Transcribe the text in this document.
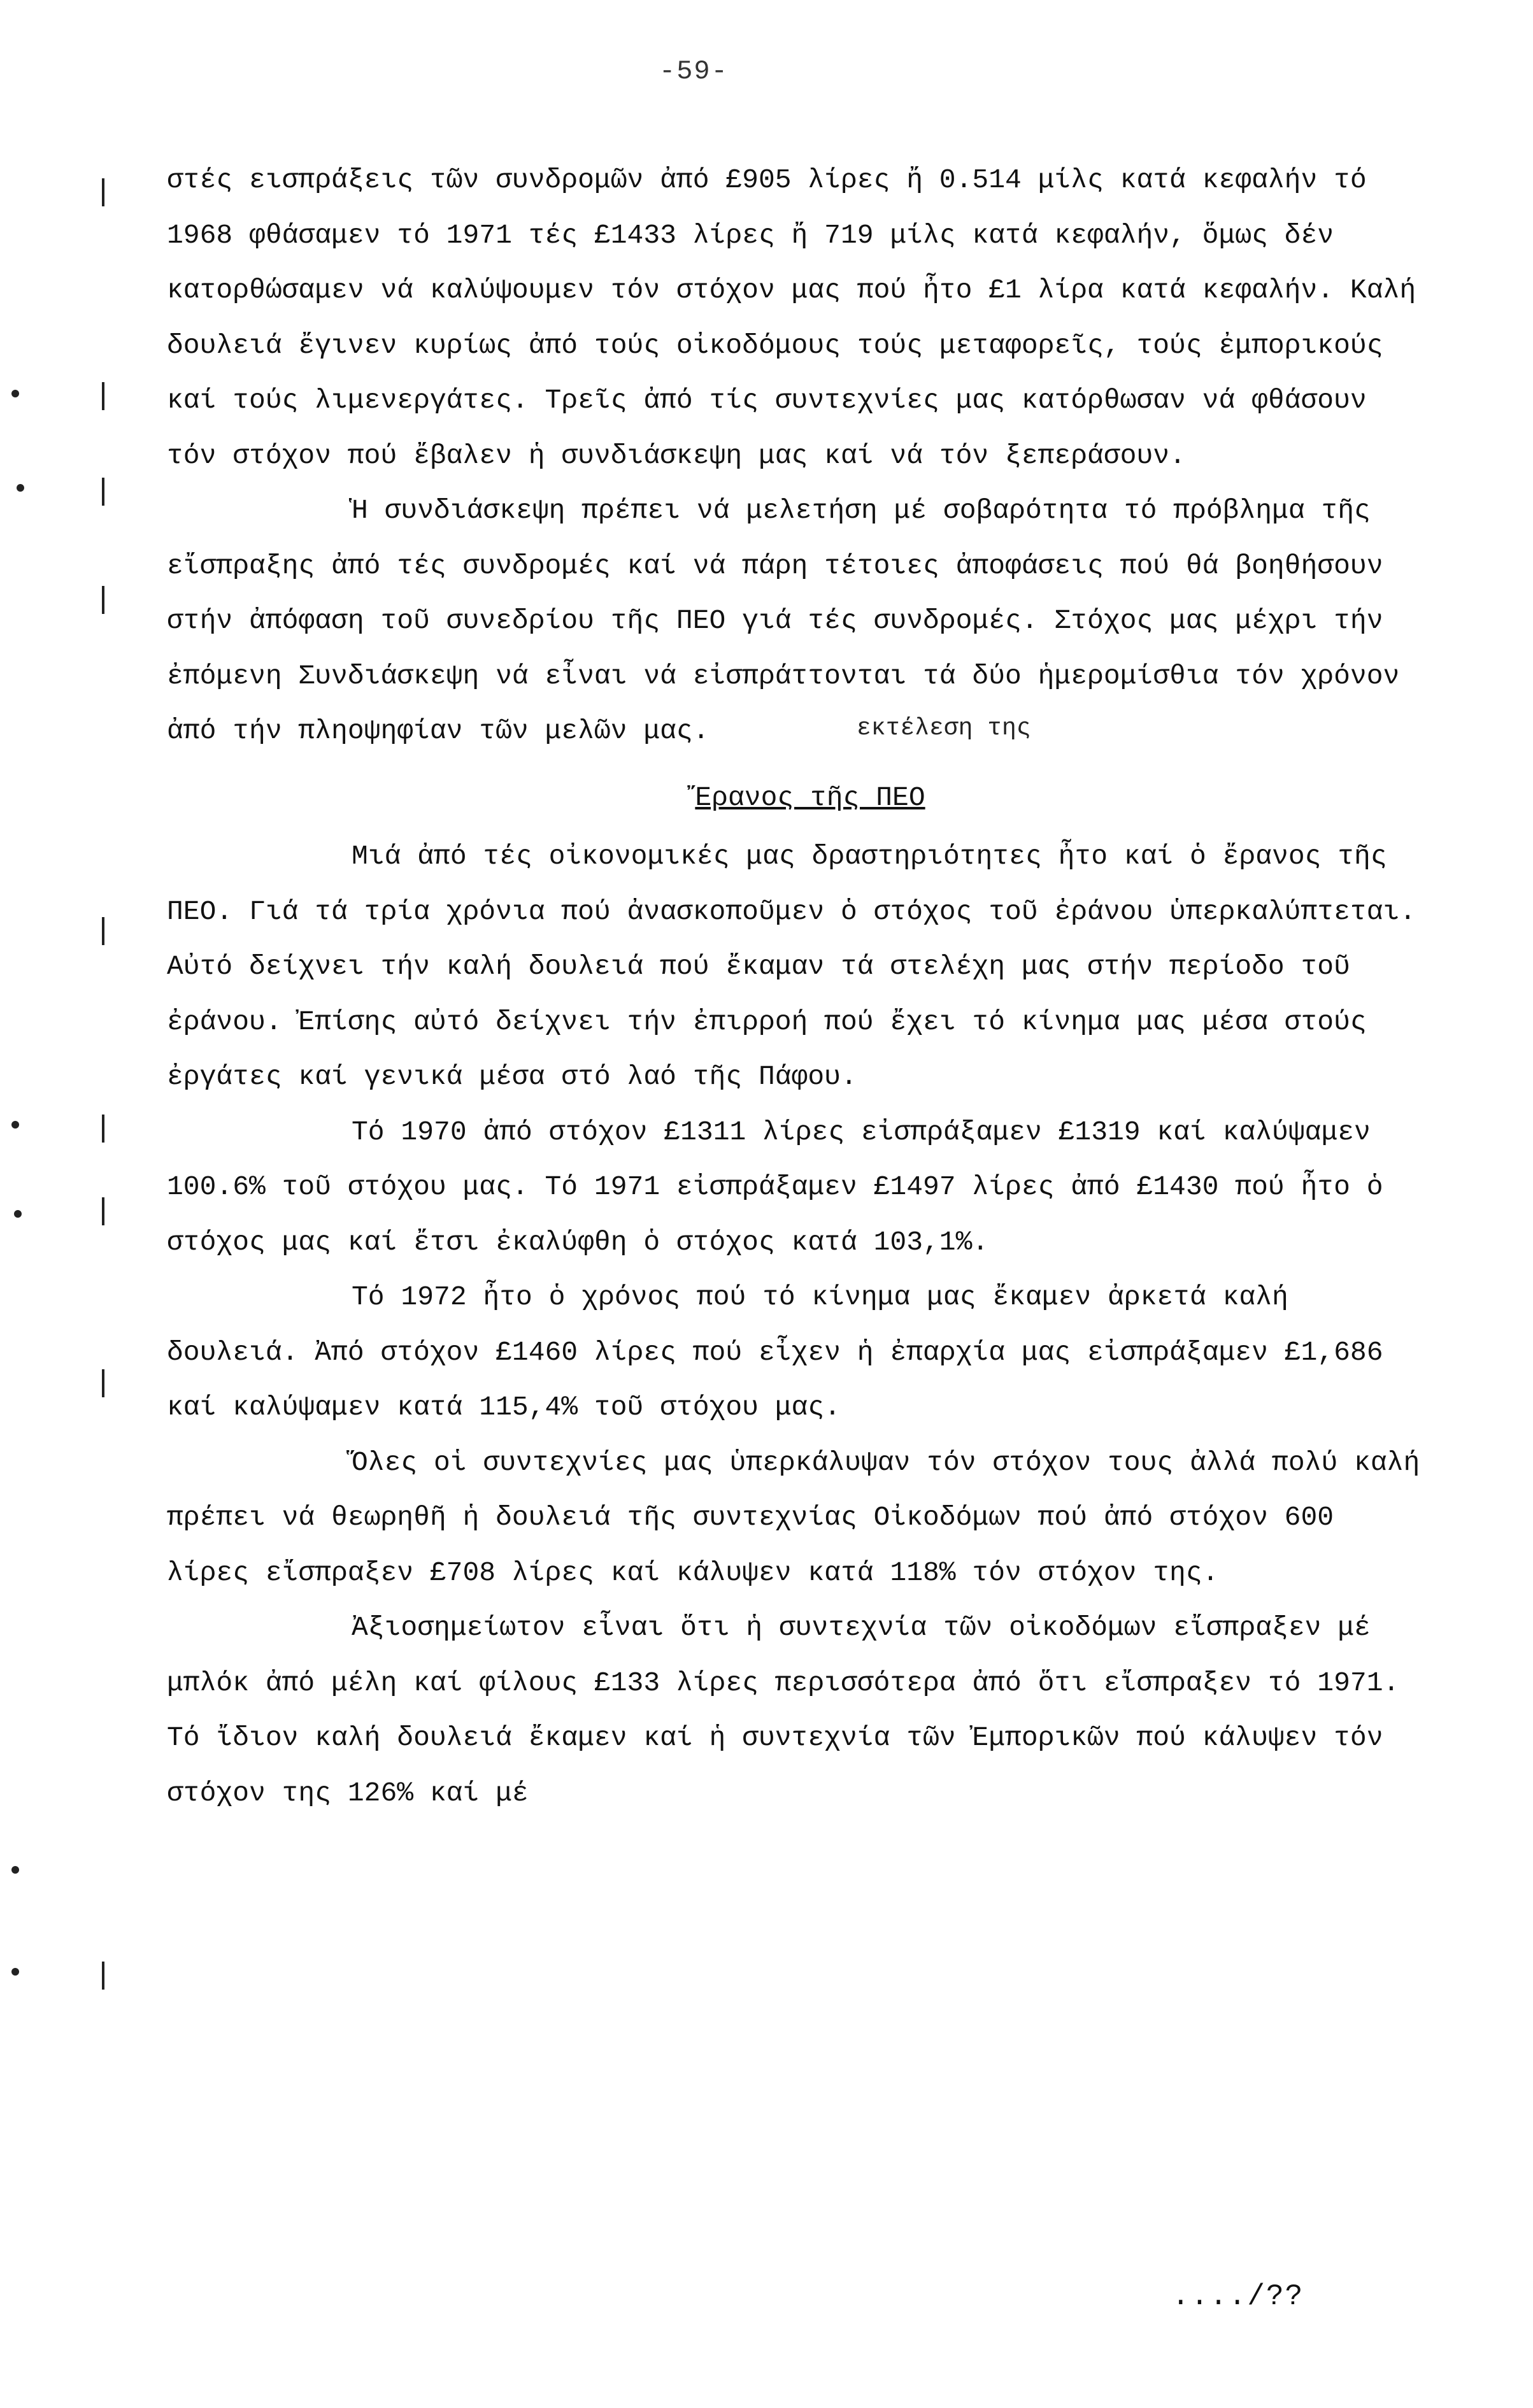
-59-
εκτέλεση της

στές εισπράξεις τῶν συνδρομῶν ἀπό £905 λίρες ἤ 0.514 μίλς κατά κεφαλήν τό 1968 φθάσαμεν τό 1971 τές £1433 λίρες ἤ 719 μίλς κατά κεφαλήν, ὅμως δέν κατορθώσαμεν νά καλύψουμεν τόν στόχον μας πού ἦτο £1 λίρα κατά κεφαλήν. Καλή δουλειά ἔγινεν κυρίως ἀπό τούς οἰκοδόμους τούς μεταφορεῖς, τούς ἐμπορικούς καί τούς λιμενεργάτες. Τρεῖς ἀπό τίς συντεχνίες μας κατόρθωσαν νά φθάσουν τόν στόχον πού ἔβαλεν ἡ συνδιάσκεψη μας καί νά τόν ξεπεράσουν.

Ἡ συνδιάσκεψη πρέπει νά μελετήση μέ σοβαρότητα τό πρόβλημα τῆς εἴσπραξης ἀπό τές συνδρομές καί νά πάρη τέτοιες ἀποφάσεις πού θά βοηθήσουν στήν ἀπόφαση τοῦ συνεδρίου τῆς ΠΕΟ γιά τές συνδρομές. Στόχος μας μέχρι τήν ἐπόμενη Συνδιάσκεψη νά εἶναι νά εἰσπράττονται τά δύο ἡμερομίσθια τόν χρόνον ἀπό τήν πληοψηφίαν τῶν μελῶν μας.

Ἔρανος τῆς ΠΕΟ

Μιά ἀπό τές οἰκονομικές μας δραστηριότητες ἦτο καί ὁ ἔρανος τῆς ΠΕΟ. Γιά τά τρία χρόνια πού ἀνασκοποῦμεν ὁ στόχος τοῦ ἐράνου ὑπερκαλύπτεται. Αὐτό δείχνει τήν καλή δουλειά πού ἔκαμαν τά στελέχη μας στήν περίοδο τοῦ ἐράνου. Ἐπίσης αὐτό δείχνει τήν ἐπιρροή πού ἔχει τό κίνημα μας μέσα στούς ἐργάτες καί γενικά μέσα στό λαό τῆς Πάφου.

Τό 1970 ἀπό στόχον £1311 λίρες εἰσπράξαμεν £1319 καί καλύψαμεν 100.6% τοῦ στόχου μας. Τό 1971 εἰσπράξαμεν £1497 λίρες ἀπό £1430 πού ἦτο ὁ στόχος μας καί ἔτσι ἐκαλύφθη ὁ στόχος κατά 103,1%.

Τό 1972 ἦτο ὁ χρόνος πού τό κίνημα μας ἔκαμεν ἀρκετά καλή δουλειά. Ἀπό στόχον £1460 λίρες πού εἶχεν ἡ ἐπαρχία μας εἰσπράξαμεν £1,686 καί καλύψαμεν κατά 115,4% τοῦ στόχου μας.

Ὅλες οἱ συντεχνίες μας ὑπερκάλυψαν τόν στόχον τους ἀλλά πολύ καλή πρέπει νά θεωρηθῆ ἡ δουλειά τῆς συντεχνίας Οἰκοδόμων πού ἀπό στόχον 600 λίρες εἴσπραξεν £708 λίρες καί κάλυψεν κατά 118% τόν στόχον της.

Ἀξιοσημείωτον εἶναι ὅτι ἡ συντεχνία τῶν οἰκοδόμων εἴσπραξεν μέ μπλόκ ἀπό μέλη καί φίλους £133 λίρες περισσότερα ἀπό ὅτι εἴσπραξεν τό 1971. Τό ἴδιον καλή δουλειά ἔκαμεν καί ἡ συντεχνία τῶν Ἐμπορικῶν πού κάλυψεν τόν στόχον της 126% καί μέ

..../??
